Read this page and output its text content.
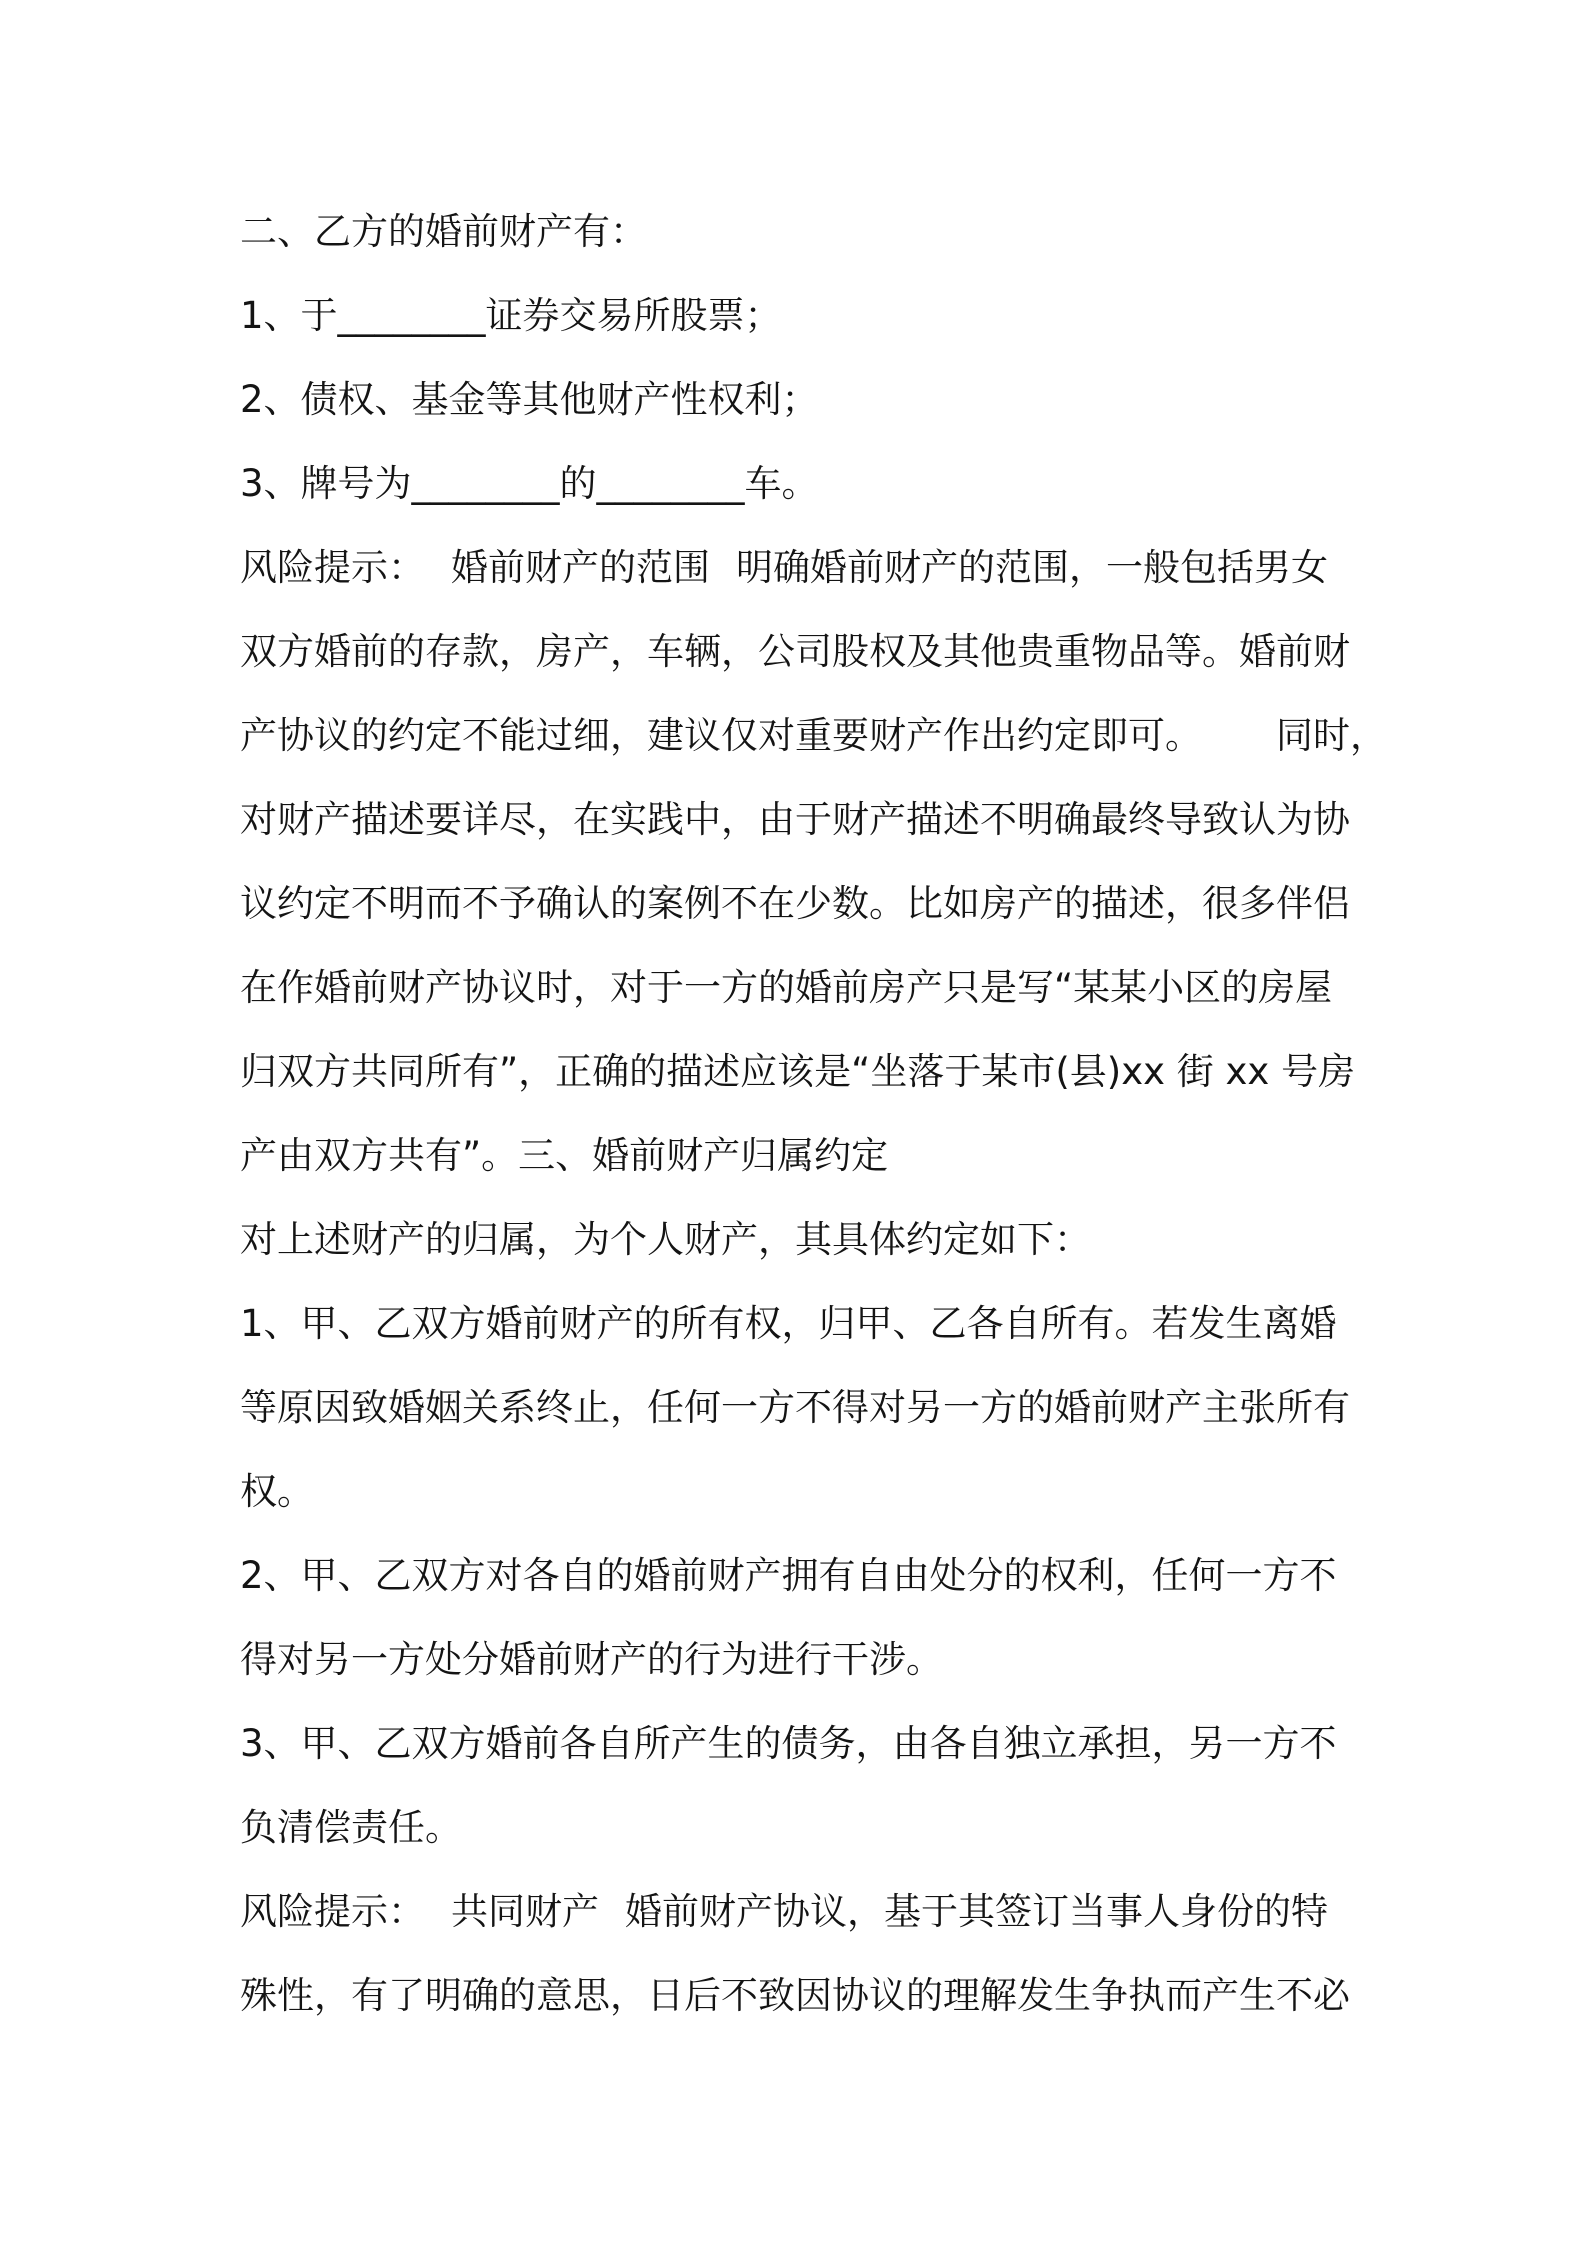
二、乙方的婚前财产有：

1、于________证券交易所股票；

2、债权、基金等其他财产性权利；

3、牌号为________的________车。

风险提示： 婚前财产的范围 明确婚前财产的范围，一般包括男女
双方婚前的存款，房产，车辆，公司股权及其他贵重物品等。婚前财
产协议的约定不能过细，建议仅对重要财产作出约定即可。 同时，
对财产描述要详尽，在实践中，由于财产描述不明确最终导致认为协
议约定不明而不予确认的案例不在少数。比如房产的描述，很多伴侣
在作婚前财产协议时，对于一方的婚前房产只是写“某某小区的房屋
归双方共同所有”，正确的描述应该是“坐落于某市(县)xx 街 xx 号房
产由双方共有”。三、婚前财产归属约定

对上述财产的归属，为个人财产，其具体约定如下：

1、甲、乙双方婚前财产的所有权，归甲、乙各自所有。若发生离婚
等原因致婚姻关系终止，任何一方不得对另一方的婚前财产主张所有
权。

2、甲、乙双方对各自的婚前财产拥有自由处分的权利，任何一方不
得对另一方处分婚前财产的行为进行干涉。

3、甲、乙双方婚前各自所产生的债务，由各自独立承担，另一方不
负清偿责任。

风险提示： 共同财产 婚前财产协议，基于其签订当事人身份的特
殊性，有了明确的意思，日后不致因协议的理解发生争执而产生不必
